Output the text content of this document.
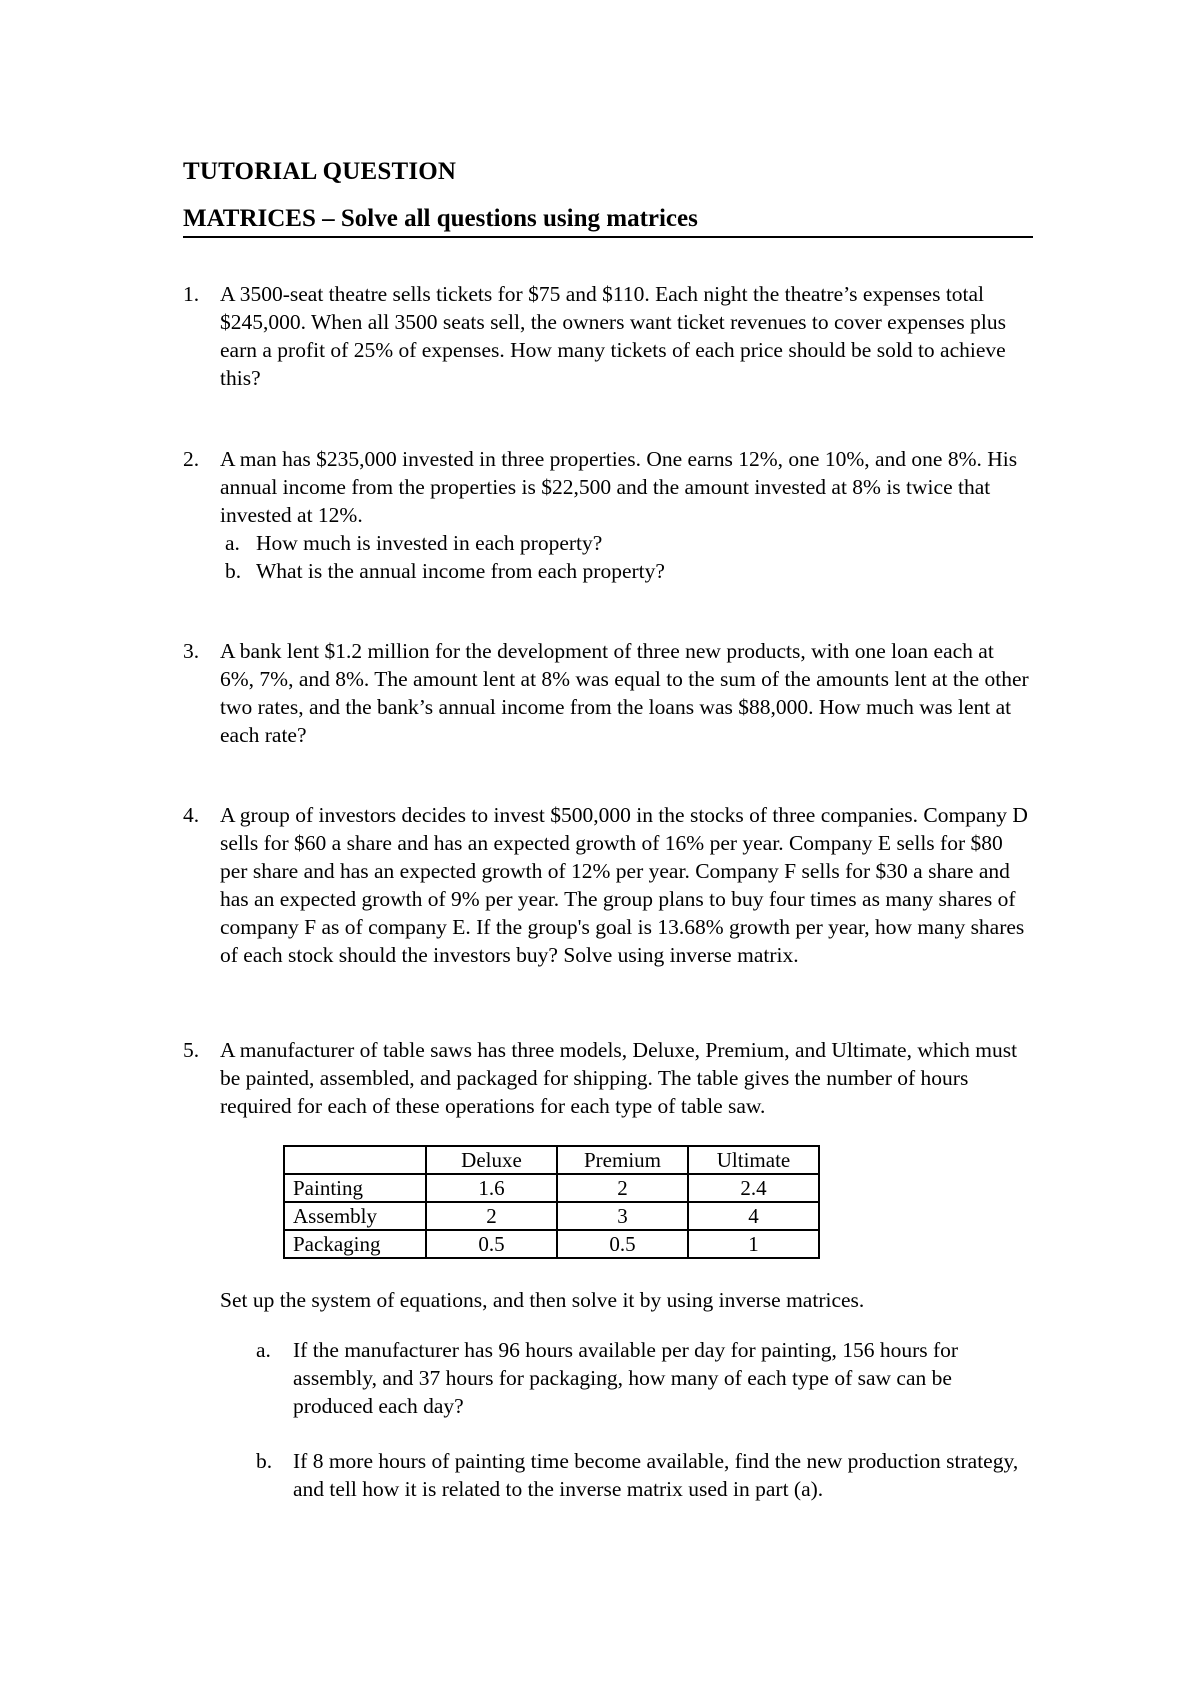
TUTORIAL QUESTION
MATRICES – Solve all questions using matrices
1. A 3500-seat theatre sells tickets for $75 and $110. Each night the theatre’s expenses total $245,000. When all 3500 seats sell, the owners want ticket revenues to cover expenses plus earn a profit of 25% of expenses. How many tickets of each price should be sold to achieve this?
2. A man has $235,000 invested in three properties. One earns 12%, one 10%, and one 8%. His annual income from the properties is $22,500 and the amount invested at 8% is twice that invested at 12%.
a. How much is invested in each property?
b. What is the annual income from each property?
3. A bank lent $1.2 million for the development of three new products, with one loan each at 6%, 7%, and 8%. The amount lent at 8% was equal to the sum of the amounts lent at the other two rates, and the bank’s annual income from the loans was $88,000. How much was lent at each rate?
4. A group of investors decides to invest $500,000 in the stocks of three companies. Company D sells for $60 a share and has an expected growth of 16% per year. Company E sells for $80 per share and has an expected growth of 12% per year. Company F sells for $30 a share and has an expected growth of 9% per year. The group plans to buy four times as many shares of company F as of company E. If the group's goal is 13.68% growth per year, how many shares of each stock should the investors buy? Solve using inverse matrix.
5. A manufacturer of table saws has three models, Deluxe, Premium, and Ultimate, which must be painted, assembled, and packaged for shipping. The table gives the number of hours required for each of these operations for each type of table saw.
	Deluxe	Premium	Ultimate
Painting	1.6	2	2.4
Assembly	2	3	4
Packaging	0.5	0.5	1
Set up the system of equations, and then solve it by using inverse matrices.
a. If the manufacturer has 96 hours available per day for painting, 156 hours for assembly, and 37 hours for packaging, how many of each type of saw can be produced each day?
b. If 8 more hours of painting time become available, find the new production strategy, and tell how it is related to the inverse matrix used in part (a).
